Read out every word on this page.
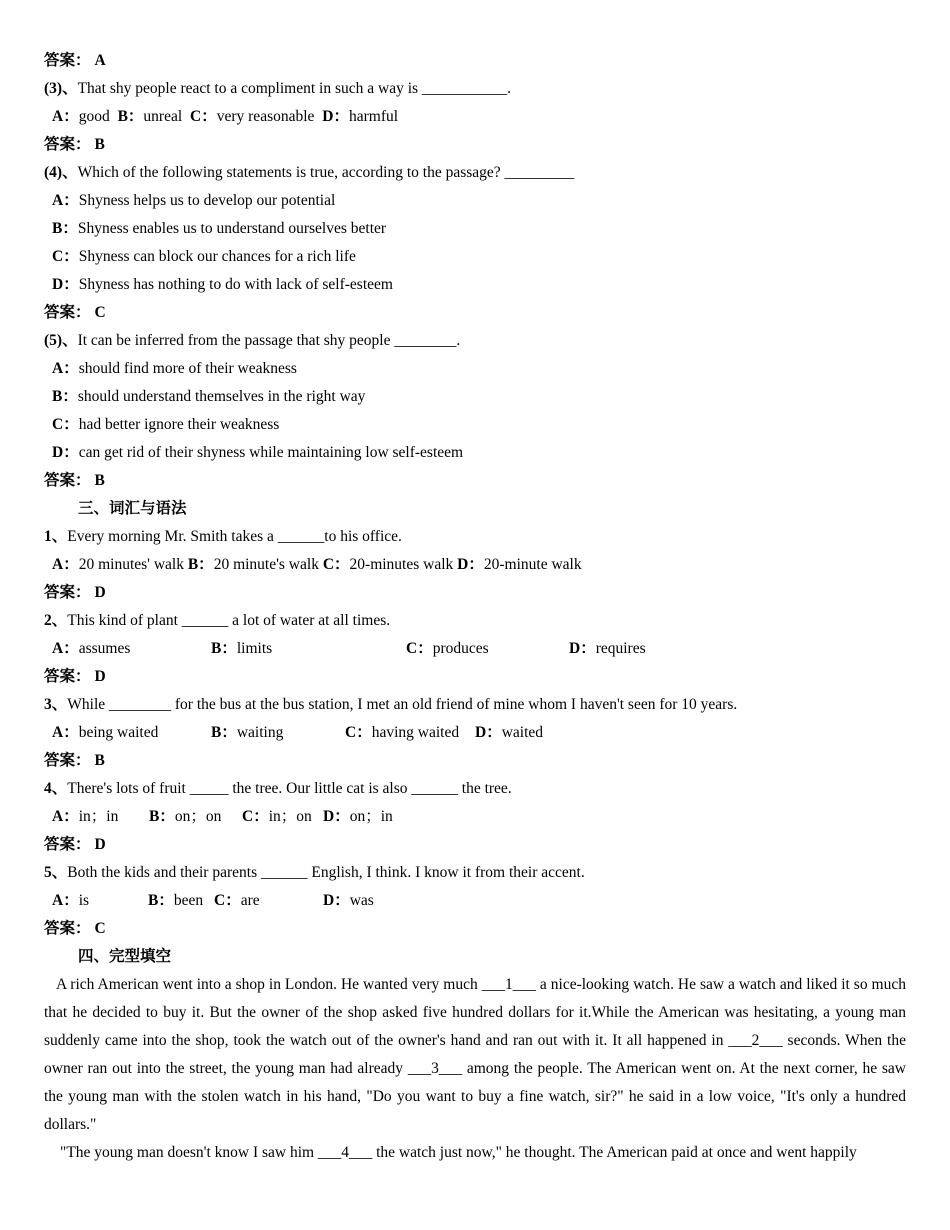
答案： A
(3)、That shy people react to a compliment in such a way is ___________.
A：good B：unreal C：very reasonable D：harmful
答案： B
(4)、Which of the following statements is true, according to the passage? _________
A：Shyness helps us to develop our potential
B：Shyness enables us to understand ourselves better
C：Shyness can block our chances for a rich life
D：Shyness has nothing to do with lack of self-esteem
答案： C
(5)、It can be inferred from the passage that shy people ________.
A：should find more of their weakness
B：should understand themselves in the right way
C：had better ignore their weakness
D：can get rid of their shyness while maintaining low self-esteem
答案： B
三、词汇与语法
1、Every morning Mr. Smith takes a ______to his office.
A：20 minutes' walk B：20 minute's walk C：20-minutes walk D：20-minute walk
答案： D
2、This kind of plant ______ a lot of water at all times.
A：assumes	B：limits	C：produces	D：requires
答案： D
3、While ________ for the bus at the bus station, I met an old friend of mine whom I haven't seen for 10 years.
A：being waited	B：waiting	C：having waited D：waited
答案： B
4、There's lots of fruit _____ the tree. Our little cat is also ______ the tree.
A：in；in B：on；on C：in；on D：on；in
答案： D
5、Both the kids and their parents ______ English, I think. I know it from their accent.
A：is	B：been C：are	D：was
答案： C
四、完型填空

A rich American went into a shop in London. He wanted very much ___1___ a nice-looking watch. He saw a watch and liked it so much that he decided to buy it. But the owner of the shop asked five hundred dollars for it.While the American was hesitating, a young man suddenly came into the shop, took the watch out of the owner's hand and ran out with it. It all happened in ___2___ seconds. When the owner ran out into the street, the young man had already ___3___ among the people. The American went on. At the next corner, he saw the young man with the stolen watch in his hand, "Do you want to buy a fine watch, sir?" he said in a low voice, "It's only a hundred dollars."

"The young man doesn't know I saw him ___4___ the watch just now," he thought. The American paid at once and went happily
